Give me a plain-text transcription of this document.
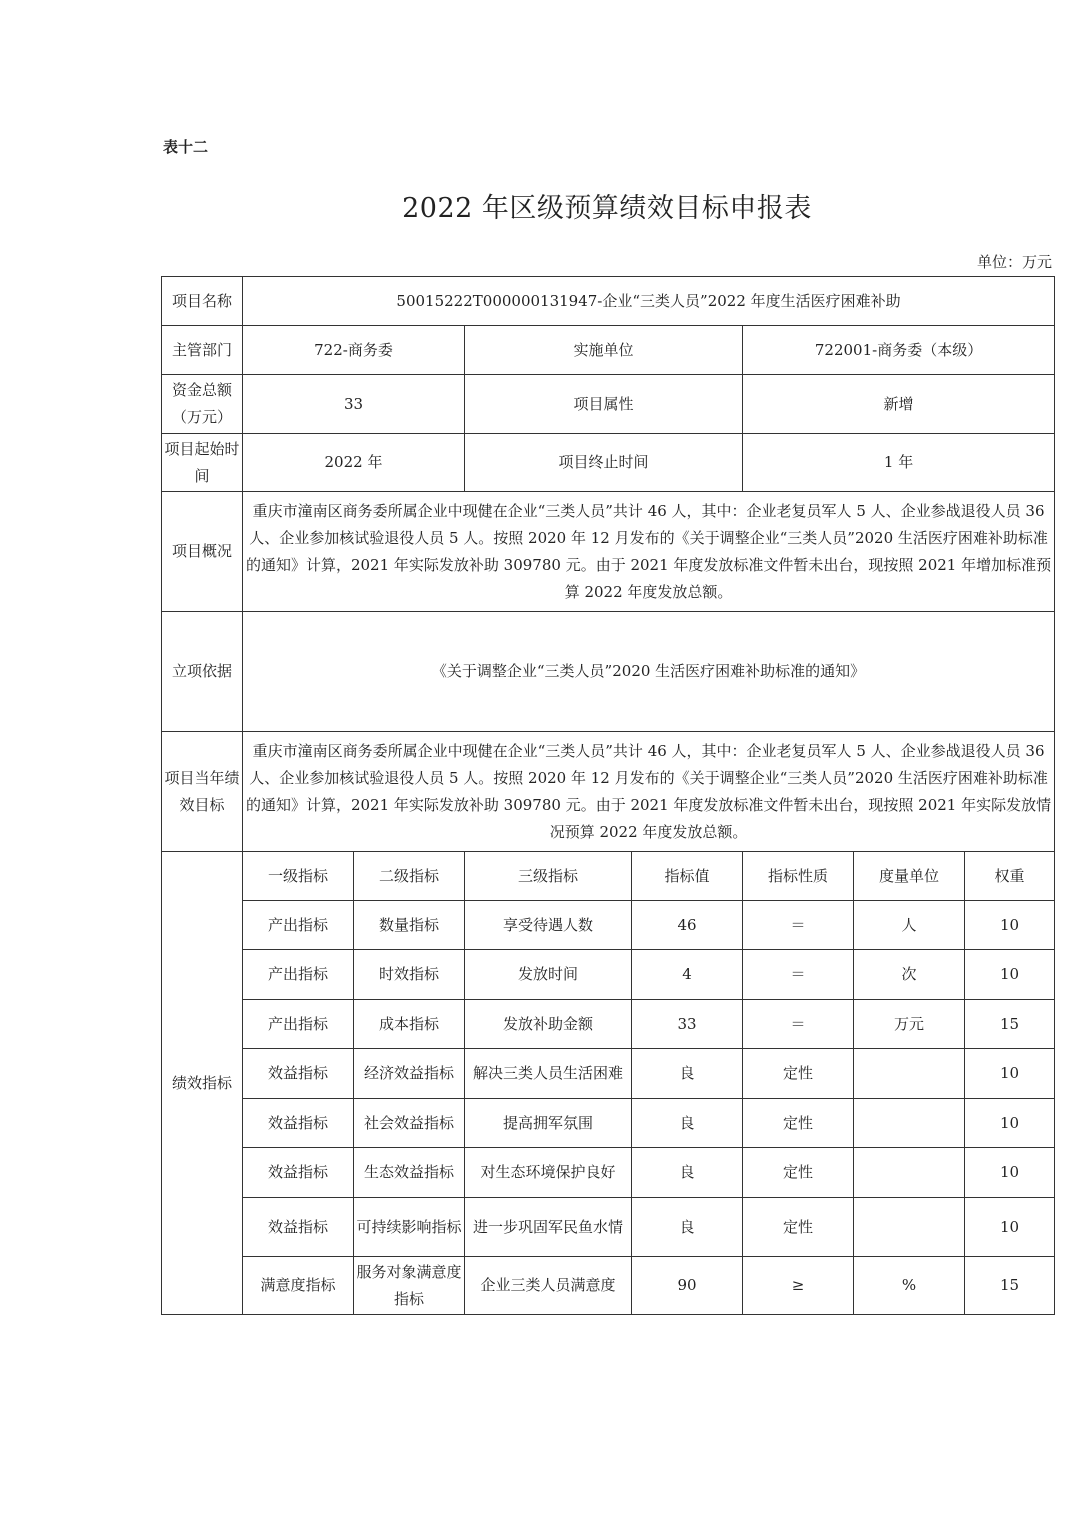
表十二
2022 年区级预算绩效目标申报表
单位：万元
项目名称	50015222T000000131947-企业“三类人员”2022 年度生活医疗困难补助						
主管部门	722-商务委		实施单位		722001-商务委（本级）		
资金总额（万元）	33		项目属性		新增		
项目起始时间	2022 年		项目终止时间		1 年		
项目概况	重庆市潼南区商务委所属企业中现健在企业“三类人员”共计 46 人，其中：企业老复员军人 5 人、企业参战退役人员 36 人、企业参加核试验退役人员 5 人。按照 2020 年 12 月发布的《关于调整企业“三类人员”2020 生活医疗困难补助标准的通知》计算，2021 年实际发放补助 309780 元。由于 2021 年度发放标准文件暂未出台，现按照 2021 年增加标准预算 2022 年度发放总额。						
立项依据	《关于调整企业“三类人员”2020 生活医疗困难补助标准的通知》						
项目当年绩效目标	重庆市潼南区商务委所属企业中现健在企业“三类人员”共计 46 人，其中：企业老复员军人 5 人、企业参战退役人员 36 人、企业参加核试验退役人员 5 人。按照 2020 年 12 月发布的《关于调整企业“三类人员”2020 生活医疗困难补助标准的通知》计算，2021 年实际发放补助 309780 元。由于 2021 年度发放标准文件暂未出台，现按照 2021 年实际发放情况预算 2022 年度发放总额。						
绩效指标	一级指标	二级指标	三级指标	指标值	指标性质	度量单位	权重
	产出指标	数量指标	享受待遇人数	46	＝	人	10
	产出指标	时效指标	发放时间	4	＝	次	10
	产出指标	成本指标	发放补助金额	33	＝	万元	15
	效益指标	经济效益指标	解决三类人员生活困难	良	定性		10
	效益指标	社会效益指标	提高拥军氛围	良	定性		10
	效益指标	生态效益指标	对生态环境保护良好	良	定性		10
	效益指标	可持续影响指标	进一步巩固军民鱼水情	良	定性		10
	满意度指标	服务对象满意度指标	企业三类人员满意度	90	≥	%	15
